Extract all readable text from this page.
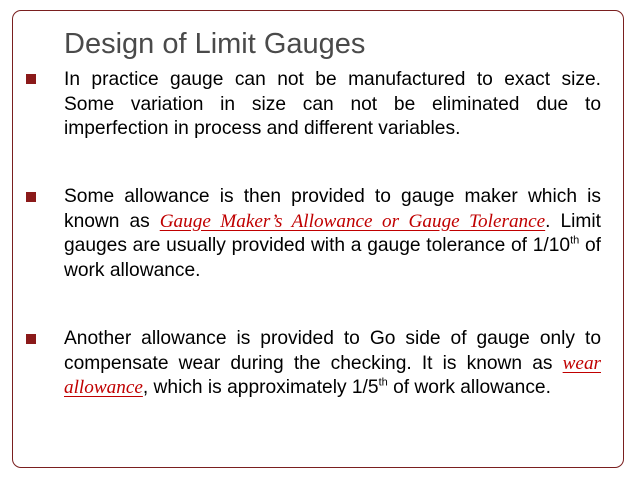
Design of Limit Gauges

In practice gauge can not be manufactured to exact size. Some variation in size can not be eliminated due to imperfection in process and different variables.

Some allowance is then provided to gauge maker which is known as Gauge Maker’s Allowance or Gauge Tolerance. Limit gauges are usually provided with a gauge tolerance of 1/10th of work allowance.

Another allowance is provided to Go side of gauge only to compensate wear during the checking. It is known as wear allowance, which is approximately 1/5th of work allowance.
